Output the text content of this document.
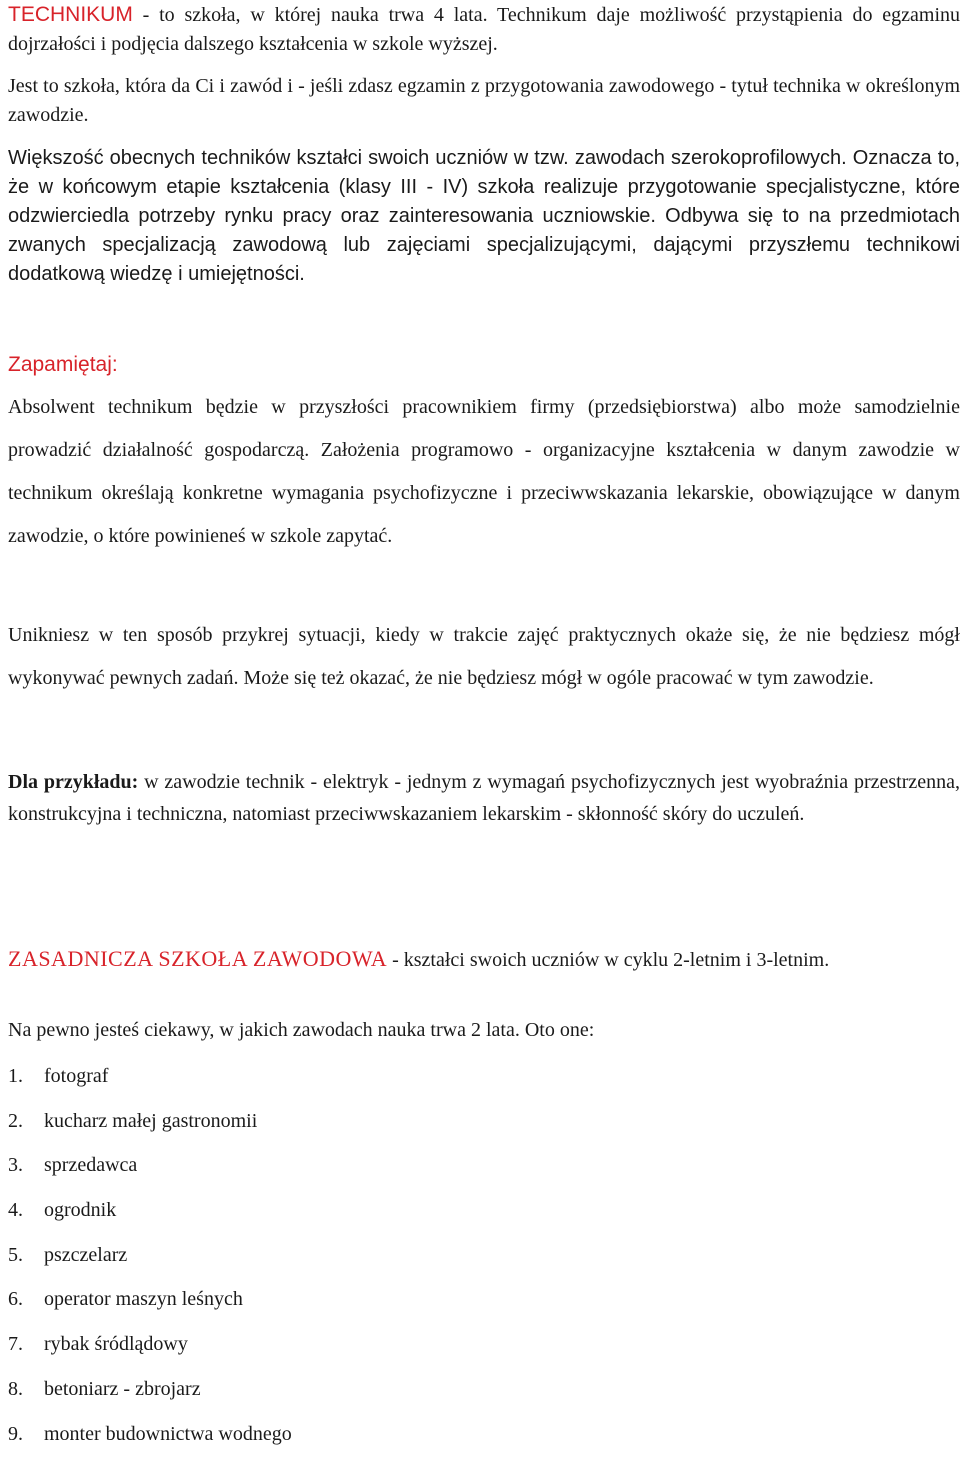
TECHNIKUM - to szkoła, w której nauka trwa 4 lata. Technikum daje możliwość przystąpienia do egzaminu dojrzałości i podjęcia dalszego kształcenia w szkole wyższej.

Jest to szkoła, która da Ci i zawód i - jeśli zdasz egzamin z przygotowania zawodowego - tytuł technika w określonym zawodzie.

Większość obecnych techników kształci swoich uczniów w tzw. zawodach szerokoprofilowych. Oznacza to, że w końcowym etapie kształcenia (klasy III - IV) szkoła realizuje przygotowanie specjalistyczne, które odzwierciedla potrzeby rynku pracy oraz zainteresowania uczniowskie. Odbywa się to na przedmiotach zwanych specjalizacją zawodową lub zajęciami specjalizującymi, dającymi przyszłemu technikowi dodatkową wiedzę i umiejętności.

Zapamiętaj:

Absolwent technikum będzie w przyszłości pracownikiem firmy (przedsiębiorstwa) albo może samodzielnie prowadzić działalność gospodarczą. Założenia programowo - organizacyjne kształcenia w danym zawodzie w technikum określają konkretne wymagania psychofizyczne i przeciwwskazania lekarskie, obowiązujące w danym zawodzie, o które powinieneś w szkole zapytać.

Unikniesz w ten sposób przykrej sytuacji, kiedy w trakcie zajęć praktycznych okaże się, że nie będziesz mógł wykonywać pewnych zadań. Może się też okazać, że nie będziesz mógł w ogóle pracować w tym zawodzie.

Dla przykładu: w zawodzie technik - elektryk - jednym z wymagań psychofizycznych jest wyobraźnia przestrzenna, konstrukcyjna i techniczna, natomiast przeciwwskazaniem lekarskim - skłonność skóry do uczuleń.

ZASADNICZA SZKOŁA ZAWODOWA - kształci swoich uczniów w cyklu 2-letnim i 3-letnim.

Na pewno jesteś ciekawy, w jakich zawodach nauka trwa 2 lata. Oto one:

1. fotograf
2. kucharz małej gastronomii
3. sprzedawca
4. ogrodnik
5. pszczelarz
6. operator maszyn leśnych
7. rybak śródlądowy
8. betoniarz - zbrojarz
9. monter budownictwa wodnego
